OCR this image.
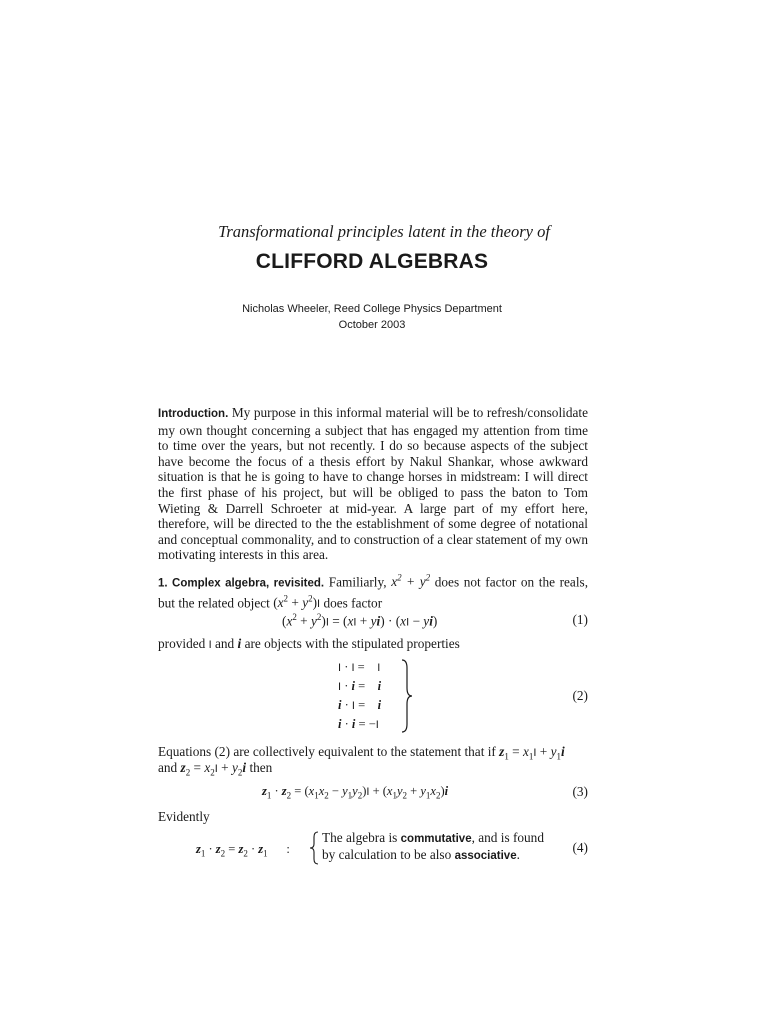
Transformational principles latent in the theory of
CLIFFORD ALGEBRAS
Nicholas Wheeler, Reed College Physics Department
October 2003
Introduction. My purpose in this informal material will be to refresh/consolidate my own thought concerning a subject that has engaged my attention from time to time over the years, but not recently. I do so because aspects of the subject have become the focus of a thesis effort by Nakul Shankar, whose awkward situation is that he is going to have to change horses in midstream: I will direct the first phase of his project, but will be obliged to pass the baton to Tom Wieting & Darrell Schroeter at mid-year. A large part of my effort here, therefore, will be directed to the the establishment of some degree of notational and conceptual commonality, and to construction of a clear statement of my own motivating interests in this area.
1. Complex algebra, revisited. Familiarly, $x^2 + y^2$ does not factor on the reals, but the related object $(x^2 + y^2)I$ does factor
$(x^2 + y^2)I = (xI + yi) \cdot (xI - yi)$	(1)
provided I and i are objects with the stipulated properties
I · I =    I
I · i =    i
i · I =    i
i · i = −I
(2)
Equations (2) are collectively equivalent to the statement that if $z_1 = x_1I + y_1i$
and $z_2 = x_2I + y_2i$ then
$z_1 \cdot z_2 = (x_1x_2 - y_1y_2)I + (x_1y_2 + y_1x_2)i$	(3)
Evidently
$z_1 \cdot z_2 = z_2 \cdot z_1$      :
The algebra is commutative, and is found
by calculation to be also associative.	(4)
